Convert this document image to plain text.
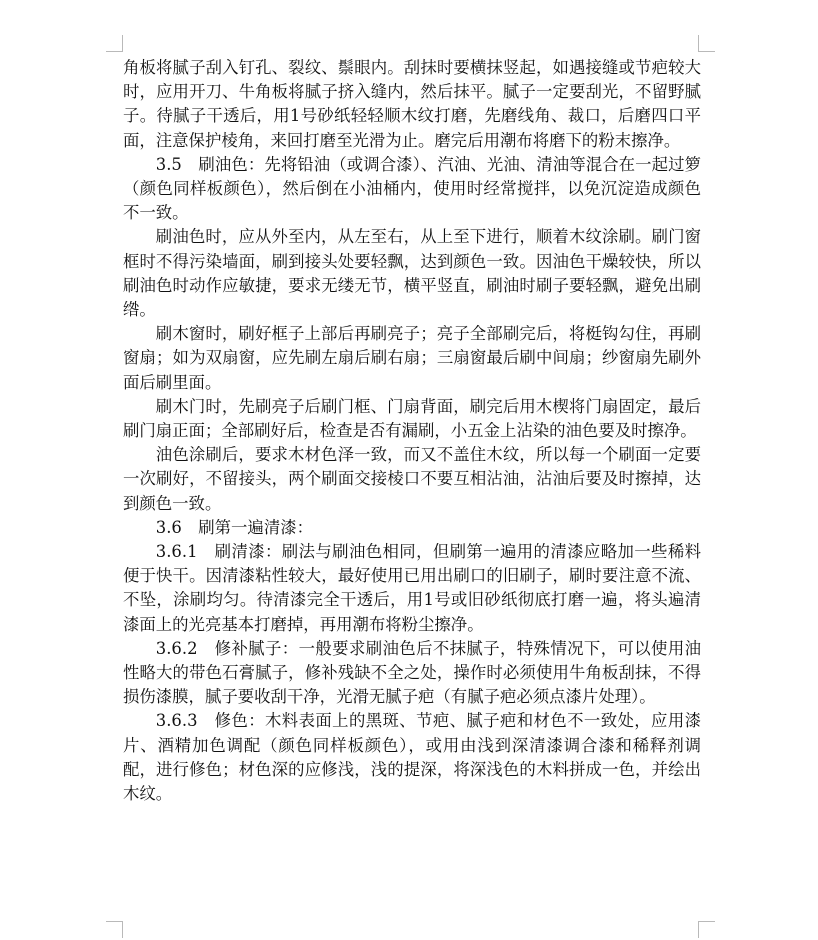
角板将腻子刮入钉孔、裂纹、鬃眼内。刮抹时要横抹竖起，如遇接缝或节疤较大时，应用开刀、牛角板将腻子挤入缝内，然后抹平。腻子一定要刮光，不留野腻子。待腻子干透后，用1号砂纸轻轻顺木纹打磨，先磨线角、裁口，后磨四口平面，注意保护棱角，来回打磨至光滑为止。磨完后用潮布将磨下的粉末擦净。

3.5　刷油色：先将铅油（或调合漆）、汽油、光油、清油等混合在一起过箩（颜色同样板颜色），然后倒在小油桶内，使用时经常搅拌，以免沉淀造成颜色不一致。

刷油色时，应从外至内，从左至右，从上至下进行，顺着木纹涂刷。刷门窗框时不得污染墙面，刷到接头处要轻飘，达到颜色一致。因油色干燥较快，所以刷油色时动作应敏捷，要求无缕无节，横平竖直，刷油时刷子要轻飘，避免出刷绺。

刷木窗时，刷好框子上部后再刷亮子；亮子全部刷完后，将梃钩勾住，再刷窗扇；如为双扇窗，应先刷左扇后刷右扇；三扇窗最后刷中间扇；纱窗扇先刷外面后刷里面。

刷木门时，先刷亮子后刷门框、门扇背面，刷完后用木楔将门扇固定，最后刷门扇正面；全部刷好后，检查是否有漏刷，小五金上沾染的油色要及时擦净。

油色涂刷后，要求木材色泽一致，而又不盖住木纹，所以每一个刷面一定要一次刷好，不留接头，两个刷面交接棱口不要互相沾油，沾油后要及时擦掉，达到颜色一致。

3.6　刷第一遍清漆：

3.6.1　刷清漆：刷法与刷油色相同，但刷第一遍用的清漆应略加一些稀料便于快干。因清漆粘性较大，最好使用已用出刷口的旧刷子，刷时要注意不流、不坠，涂刷均匀。待清漆完全干透后，用1号或旧砂纸彻底打磨一遍，将头遍清漆面上的光亮基本打磨掉，再用潮布将粉尘擦净。

3.6.2　修补腻子：一般要求刷油色后不抹腻子，特殊情况下，可以使用油性略大的带色石膏腻子，修补残缺不全之处，操作时必须使用牛角板刮抹，不得损伤漆膜，腻子要收刮干净，光滑无腻子疤（有腻子疤必须点漆片处理）。

3.6.3　修色：木料表面上的黑斑、节疤、腻子疤和材色不一致处，应用漆片、酒精加色调配（颜色同样板颜色），或用由浅到深清漆调合漆和稀释剂调配，进行修色；材色深的应修浅，浅的提深，将深浅色的木料拼成一色，并绘出木纹。
